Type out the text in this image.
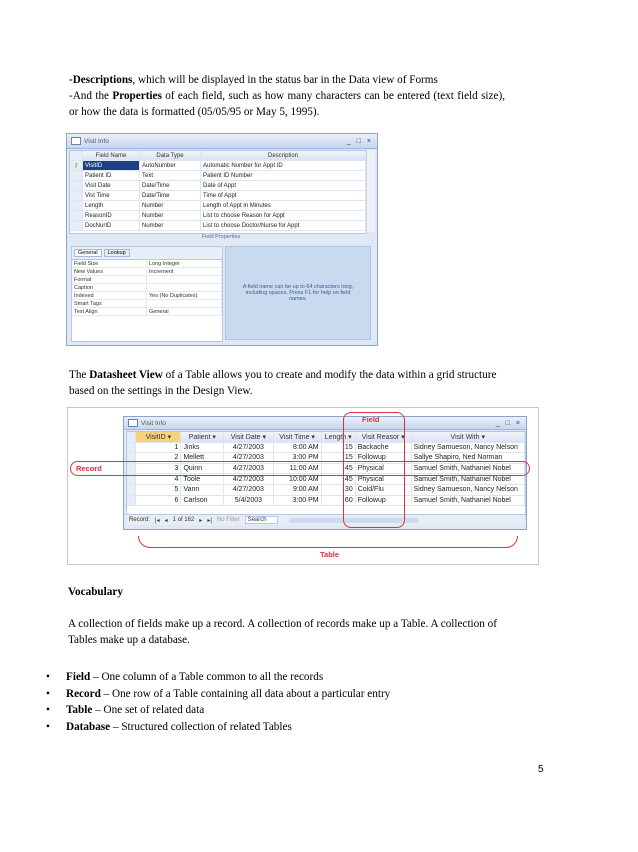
-Descriptions, which will be displayed in the status bar in the Data view of Forms
-And the Properties of each field, such as how many characters can be entered (text field size), or how the data is formatted (05/05/95 or May 5, 1995).
Visit Info	_ □ ×
	Field Name	Data Type	Description
⚷	VisitID	AutoNumber	Automatic Number for Appt ID
	Patient ID	Text	Patient ID Number
	Visit Date	Date/Time	Date of Appt
	Vist Time	Date/Time	Time of Appt
	Length	Number	Length of Appt in Minutes
	ReasonID	Number	List to choose Reason for Appt
	DocNurID	Number	List to choose Doctor/Nurse for Appt
Field Properties
General	Lookup
Field Size	Long Integer
New Values	Increment
Format	
Caption	
Indexed	Yes (No Duplicates)
Smart Tags	
Text Align	General
A field name can be up to 64 characters long, including spaces. Press F1 for help on field names.
The Datasheet View of a Table allows you to create and modify the data within a grid structure based on the settings in the Design View.
Visit Info	_ □ ×
	VisitID ▾	Patient ▾	Visit Date ▾	Visit Time ▾	Length ▾	Visit Reasor ▾	Visit With ▾
	1	Jinks	4/27/2003	8:00 AM	15	Backache	Sidney Samueson, Nancy Nelson
	2	Mellett	4/27/2003	3:00 PM	15	Followup	Sallye Shapiro, Ned Norman
	3	Quinn	4/27/2003	11:00 AM	45	Physical	Samuel Smith, Nathaniel Nobel
	4	Toole	4/27/2003	10:00 AM	45	Physical	Samuel Smith, Nathaniel Nobel
	5	Vann	4/27/2003	9:00 AM	30	Cold/Flu	Sidney Samueson, Nancy Nelson
	6	Carlson	5/4/2003	3:00 PM	60	Followup	Samuel Smith, Nathaniel Nobel
Record: |◂ ◂ 1 of 162 ▸ ▸| No Filter	Search
Field
Record
Table
Vocabulary
A collection of fields make up a record. A collection of records make up a Table. A collection of Tables make up a database.
• Field – One column of a Table common to all the records
• Record – One row of a Table containing all data about a particular entry
• Table – One set of related data
• Database – Structured collection of related Tables
5
